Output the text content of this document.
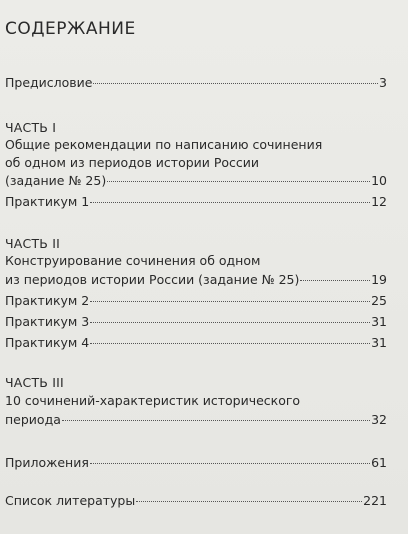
СОДЕРЖАНИЕ
Предисловие	3
ЧАСТЬ I
Общие рекомендации по написанию сочинения
об одном из периодов истории России
(задание № 25)	10
Практикум 1	12
ЧАСТЬ II
Конструирование сочинения об одном
из периодов истории России (задание № 25)	19
Практикум 2	25
Практикум 3	31
Практикум 4	31
ЧАСТЬ III
10 сочинений-характеристик исторического
периода	32
Приложения	61
Список литературы	221
